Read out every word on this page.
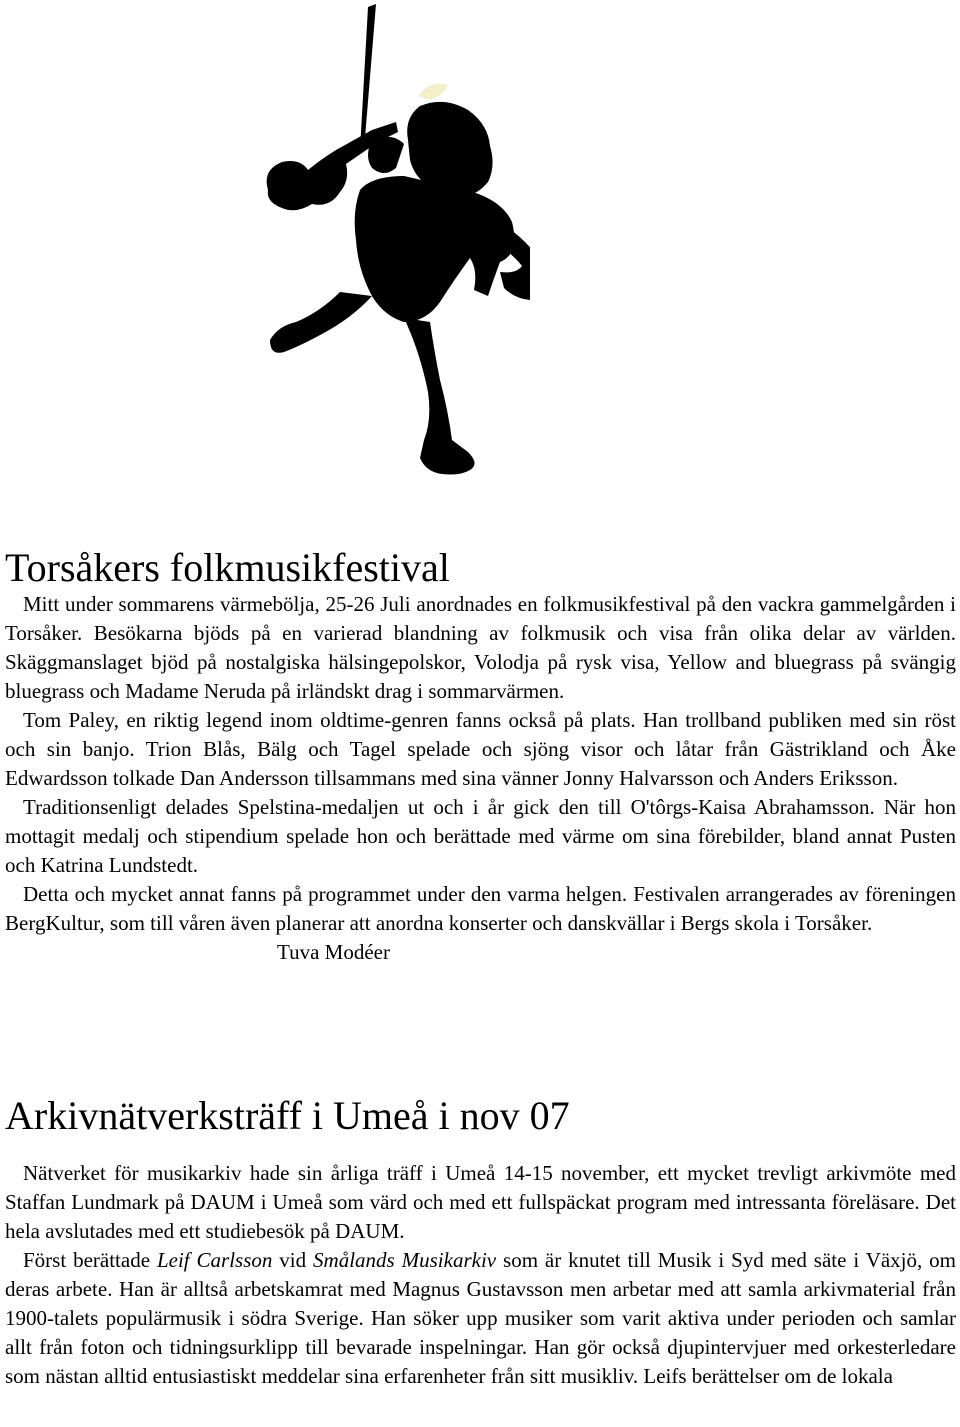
Torsåkers folkmusikfestival

Mitt under sommarens värmebölja, 25-26 Juli anordnades en folkmusikfestival på den vackra gammelgården i Torsåker. Besökarna bjöds på en varierad blandning av folkmusik och visa från olika delar av världen. Skäggmanslaget bjöd på nostalgiska hälsingepolskor, Volodja på rysk visa, Yellow and bluegrass på svängig bluegrass och Madame Neruda på irländskt drag i sommarvärmen.

Tom Paley, en riktig legend inom oldtime-genren fanns också på plats. Han trollband publiken med sin röst och sin banjo. Trion Blås, Bälg och Tagel spelade och sjöng visor och låtar från Gästrikland och Åke Edwardsson tolkade Dan Andersson tillsammans med sina vänner Jonny Halvarsson och Anders Eriksson.

Traditionsenligt delades Spelstina-medaljen ut och i år gick den till O'tôrgs-Kaisa Abrahamsson. När hon mottagit medalj och stipendium spelade hon och berättade med värme om sina förebilder, bland annat Pusten och Katrina Lundstedt.

Detta och mycket annat fanns på programmet under den varma helgen. Festivalen arrangerades av föreningen BergKultur, som till våren även planerar att anordna konserter och danskvällar i Bergs skola i Torsåker.

Tuva Modéer

Arkivnätverksträff i Umeå i nov 07

Nätverket för musikarkiv hade sin årliga träff i Umeå 14-15 november, ett mycket trevligt arkivmöte med Staffan Lundmark på DAUM i Umeå som värd och med ett fullspäckat program med intressanta föreläsare. Det hela avslutades med ett studiebesök på DAUM.

Först berättade Leif Carlsson vid Smålands Musikarkiv som är knutet till Musik i Syd med säte i Växjö, om deras arbete. Han är alltså arbetskamrat med Magnus Gustavsson men arbetar med att samla arkivmaterial från 1900-talets populärmusik i södra Sverige. Han söker upp musiker som varit aktiva under perioden och samlar allt från foton och tidningsurklipp till bevarade inspelningar. Han gör också djupintervjuer med orkesterledare som nästan alltid entusiastiskt meddelar sina erfarenheter från sitt musikliv. Leifs berättelser om de lokala
